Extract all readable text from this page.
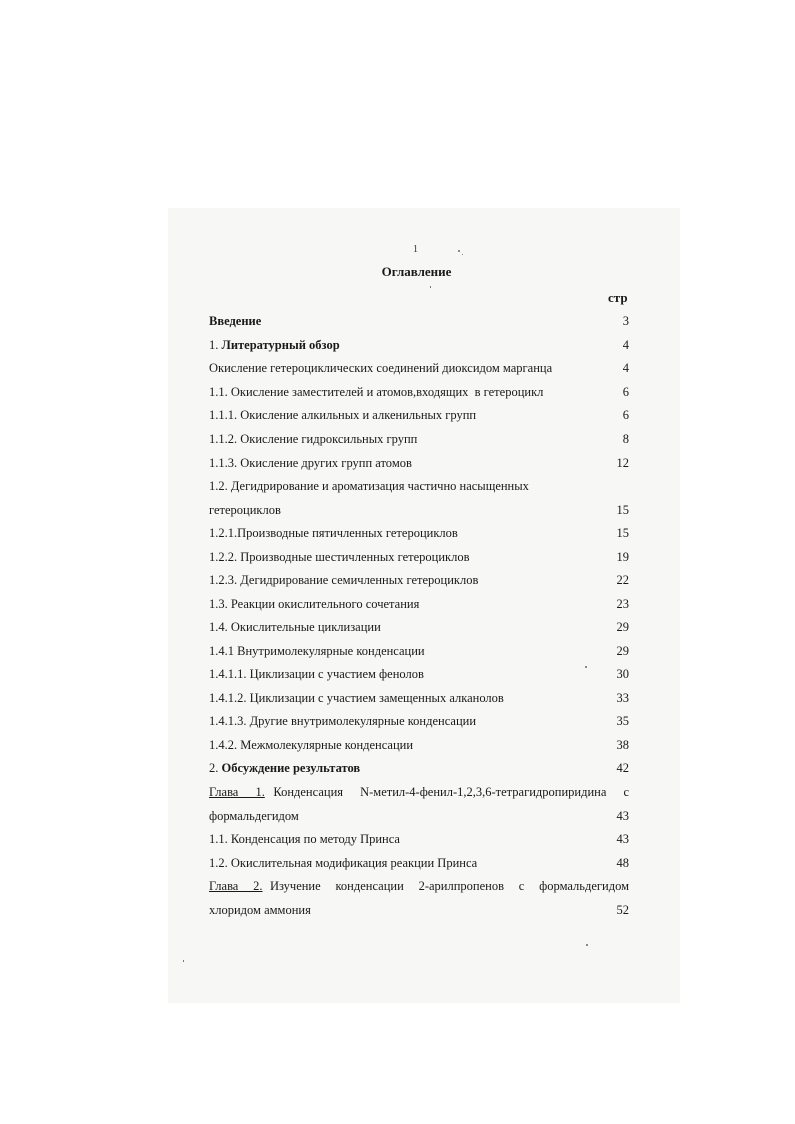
1
Оглавление
стр
Введение	3
1. Литературный обзор	4
Окисление гетероциклических соединений диоксидом марганца	4
1.1. Окисление заместителей и атомов,входящих  в гетероцикл	6
1.1.1. Окисление алкильных и алкенильных групп	6
1.1.2. Окисление гидроксильных групп	8
1.1.3. Окисление других групп атомов	12
1.2. Дегидрирование и ароматизация частично насыщенных
гетероциклов	15
1.2.1.Производные пятичленных гетероциклов	15
1.2.2. Производные шестичленных гетероциклов	19
1.2.3. Дегидрирование семичленных гетероциклов	22
1.3. Реакции окислительного сочетания	23
1.4. Окислительные циклизации	29
1.4.1 Внутримолекулярные конденсации	29
1.4.1.1. Циклизации с участием фенолов	30
1.4.1.2. Циклизации с участием замещенных алканолов	33
1.4.1.3. Другие внутримолекулярные конденсации	35
1.4.2. Межмолекулярные конденсации	38
2. Обсуждение результатов	42
Глава  1. Конденсация  N-метил-4-фенил-1,2,3,6-тетрагидропиридина  с
формальдегидом	43
1.1. Конденсация по методу Принса	43
1.2. Окислительная модификация реакции Принса	48
Глава  2. Изучение  конденсации  2-арилпропенов  с  формальдегидом
хлоридом аммония	52
